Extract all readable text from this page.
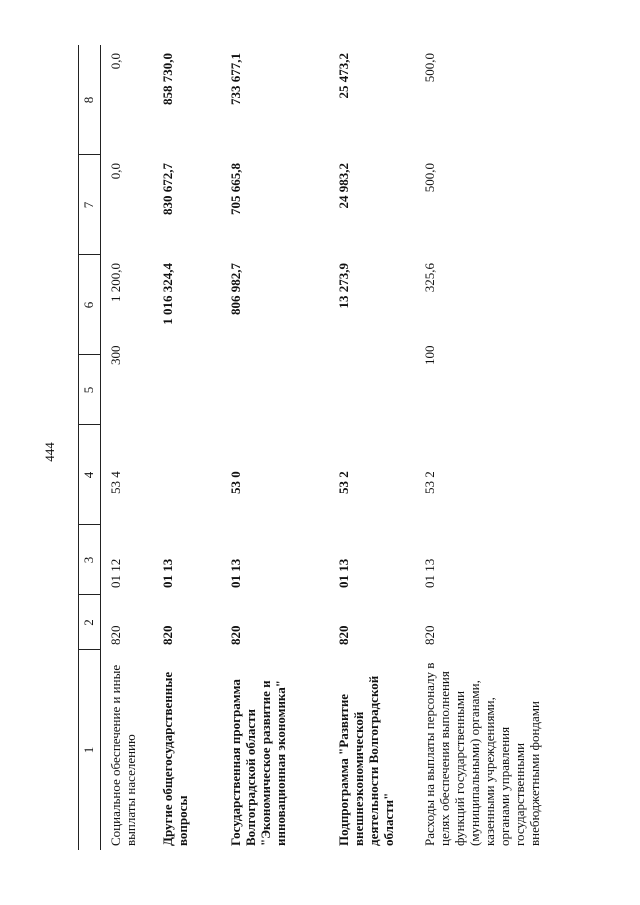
444
1
2
3
4
5
6
7
8
Социальное обеспечение и иные выплаты населению
820
01 12
53 4
300
1 200,0
0,0
0,0
Другие общегосударственные вопросы
820
01 13
1 016 324,4
830 672,7
858 730,0
Государственная программа Волгоградской области "Экономическое развитие и инновационная экономика"
820
01 13
53 0
806 982,7
705 665,8
733 677,1
Подпрограмма "Развитие внешнеэкономической деятельности Волгоградской области"
820
01 13
53 2
13 273,9
24 983,2
25 473,2
Расходы на выплаты персоналу в целях обеспечения выполнения функций государственными (муниципальными) органами, казенными учреждениями, органами управления государственными внебюджетными фондами
820
01 13
53 2
100
325,6
500,0
500,0
